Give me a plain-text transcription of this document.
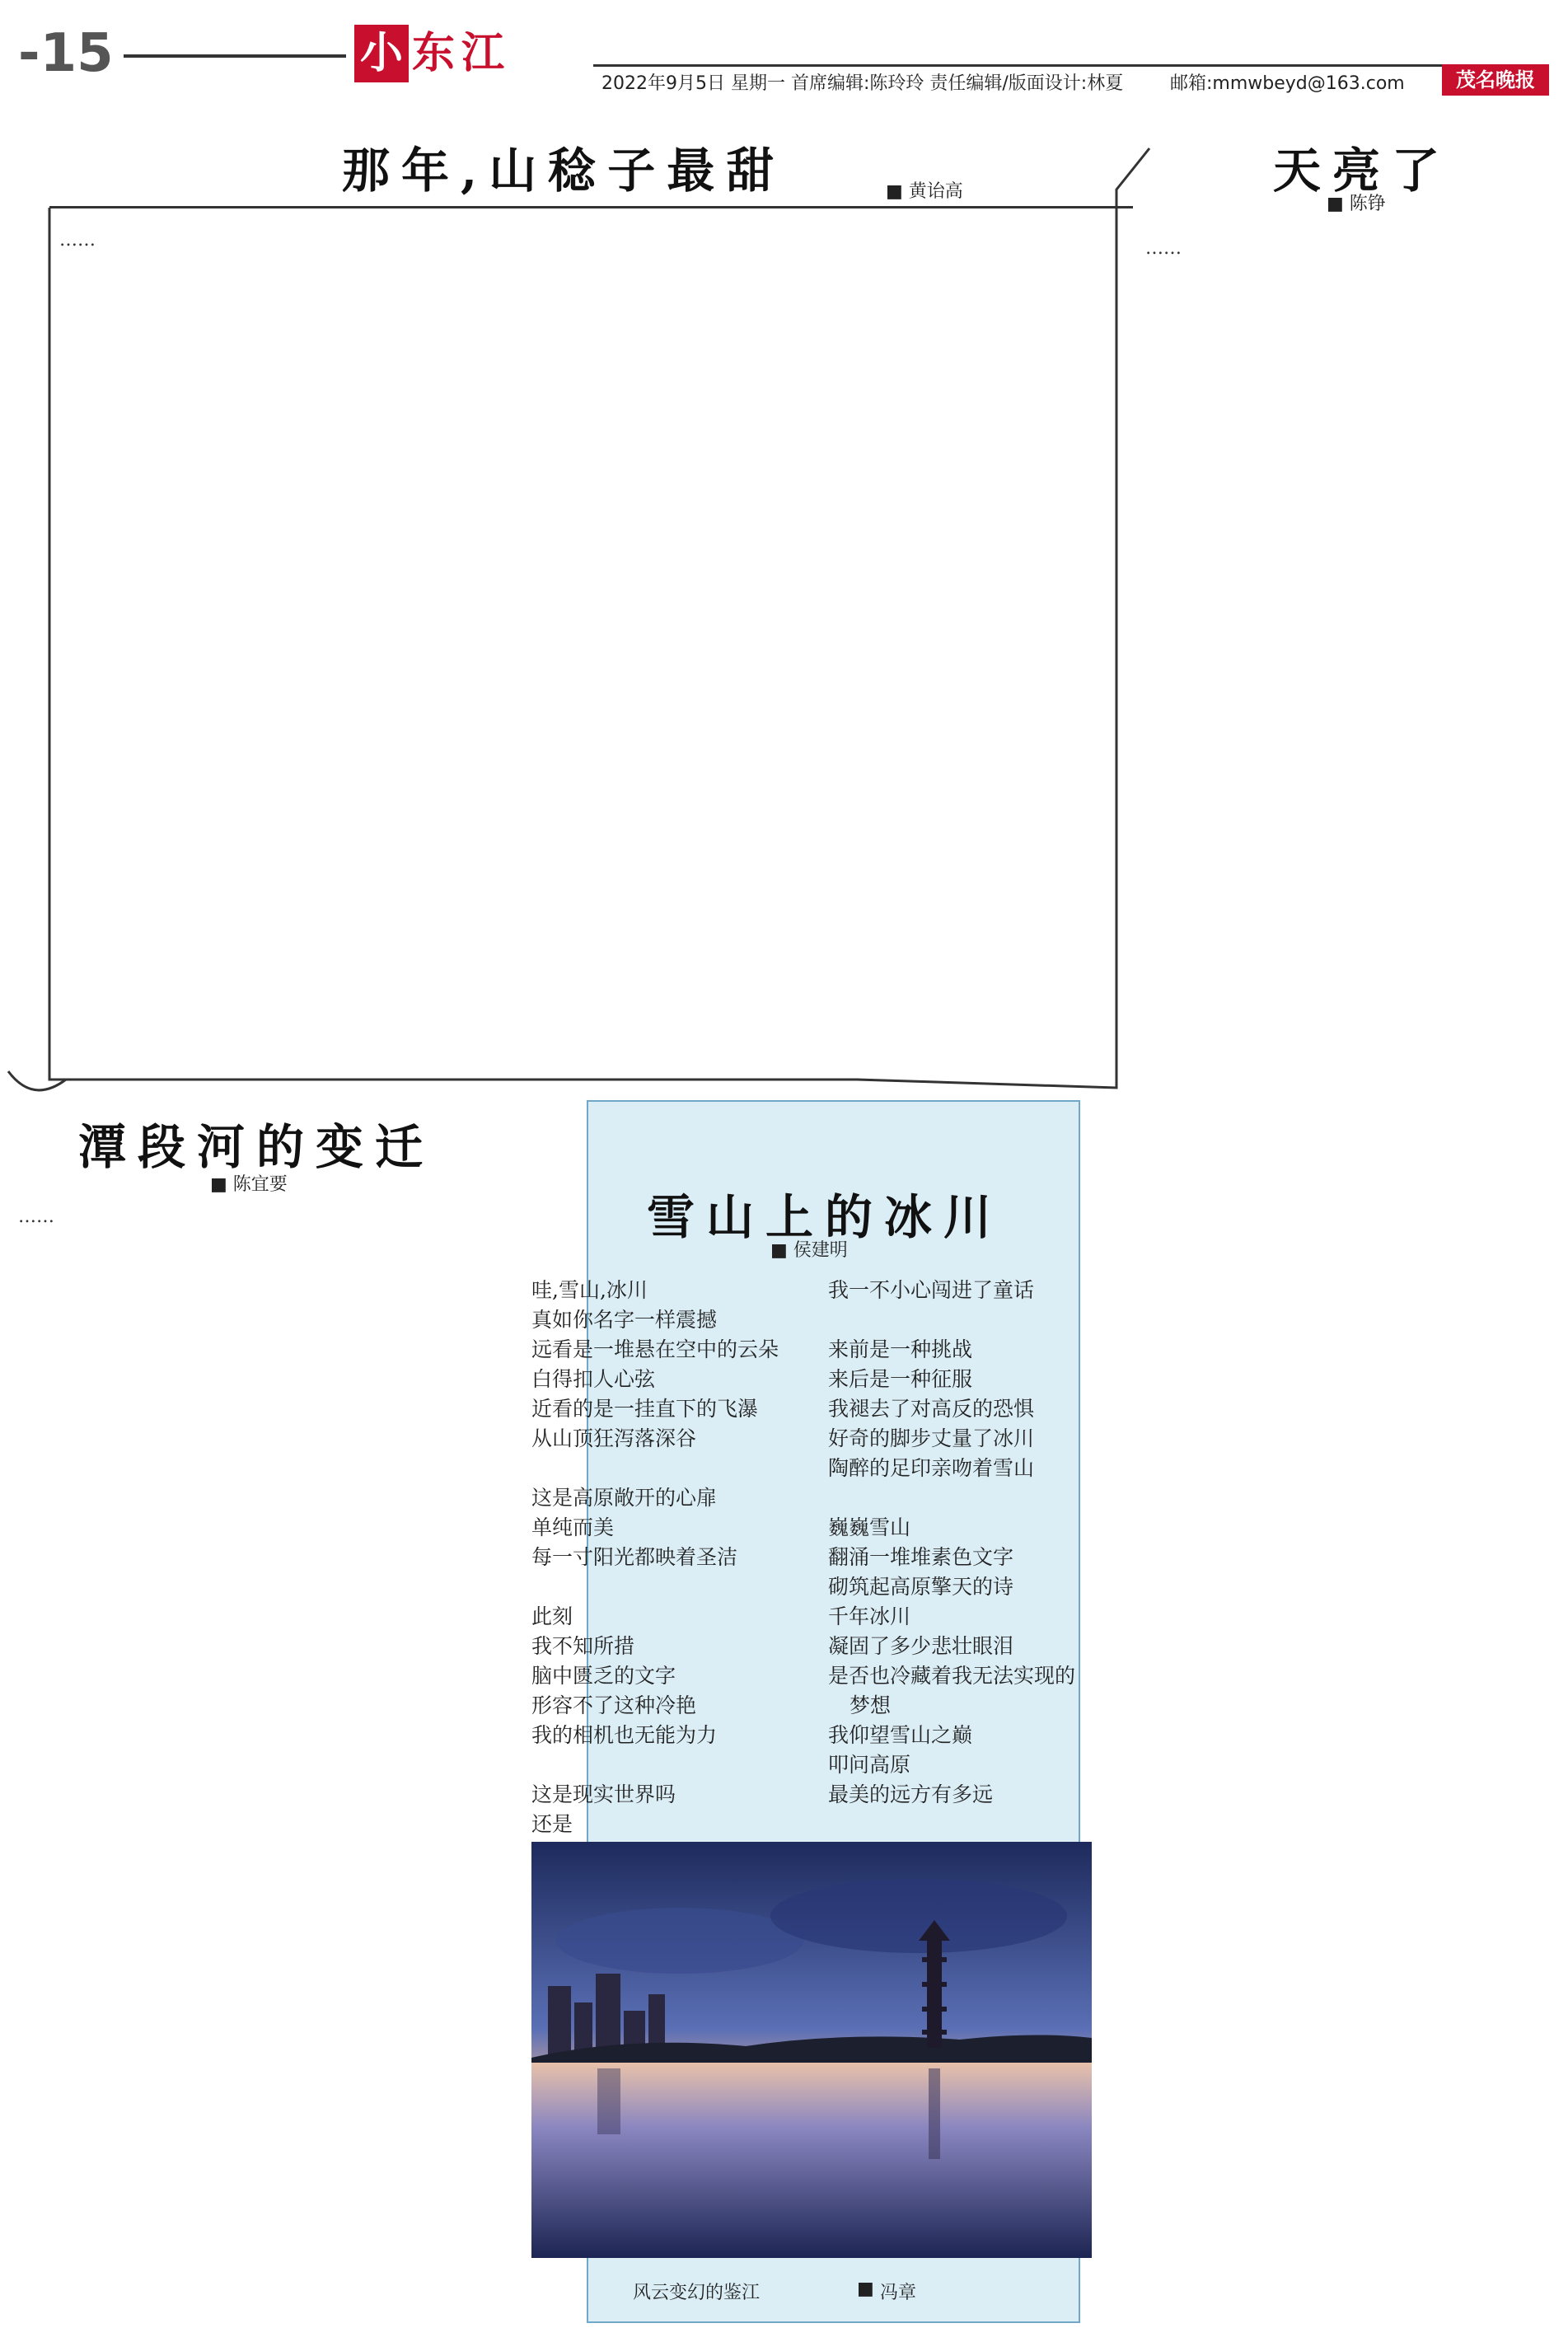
-15	小 东江
2022年9月5日 星期一 首席编辑:陈玲玲 责任编辑/版面设计:林夏	邮箱:mmwbeyd@163.com	茂名晚报
那年,山稔子最甜
■	黄诒高
……
天亮了
■ 陈铮
……
潭段河的变迁
■ 陈宜要
……	雪山上的冰川
■ 侯建明
哇,雪山,冰川
真如你名字一样震撼
远看是一堆悬在空中的云朵
白得扣人心弦
近看的是一挂直下的飞瀑
从山顶狂泻落深谷
这是高原敞开的心扉
单纯而美
每一寸阳光都映着圣洁
此刻
我不知所措
脑中匮乏的文字
形容不了这种冷艳
我的相机也无能为力
这是现实世界吗
还是
我一不小心闯进了童话
来前是一种挑战
来后是一种征服
我褪去了对高反的恐惧
好奇的脚步丈量了冰川
陶醉的足印亲吻着雪山
巍巍雪山
翻涌一堆堆素色文字
砌筑起高原擎天的诗
千年冰川
凝固了多少悲壮眼泪
是否也冷藏着我无法实现的
梦想
我仰望雪山之巅
叩问高原
最美的远方有多远
风云变幻的鉴江	■ 冯章
